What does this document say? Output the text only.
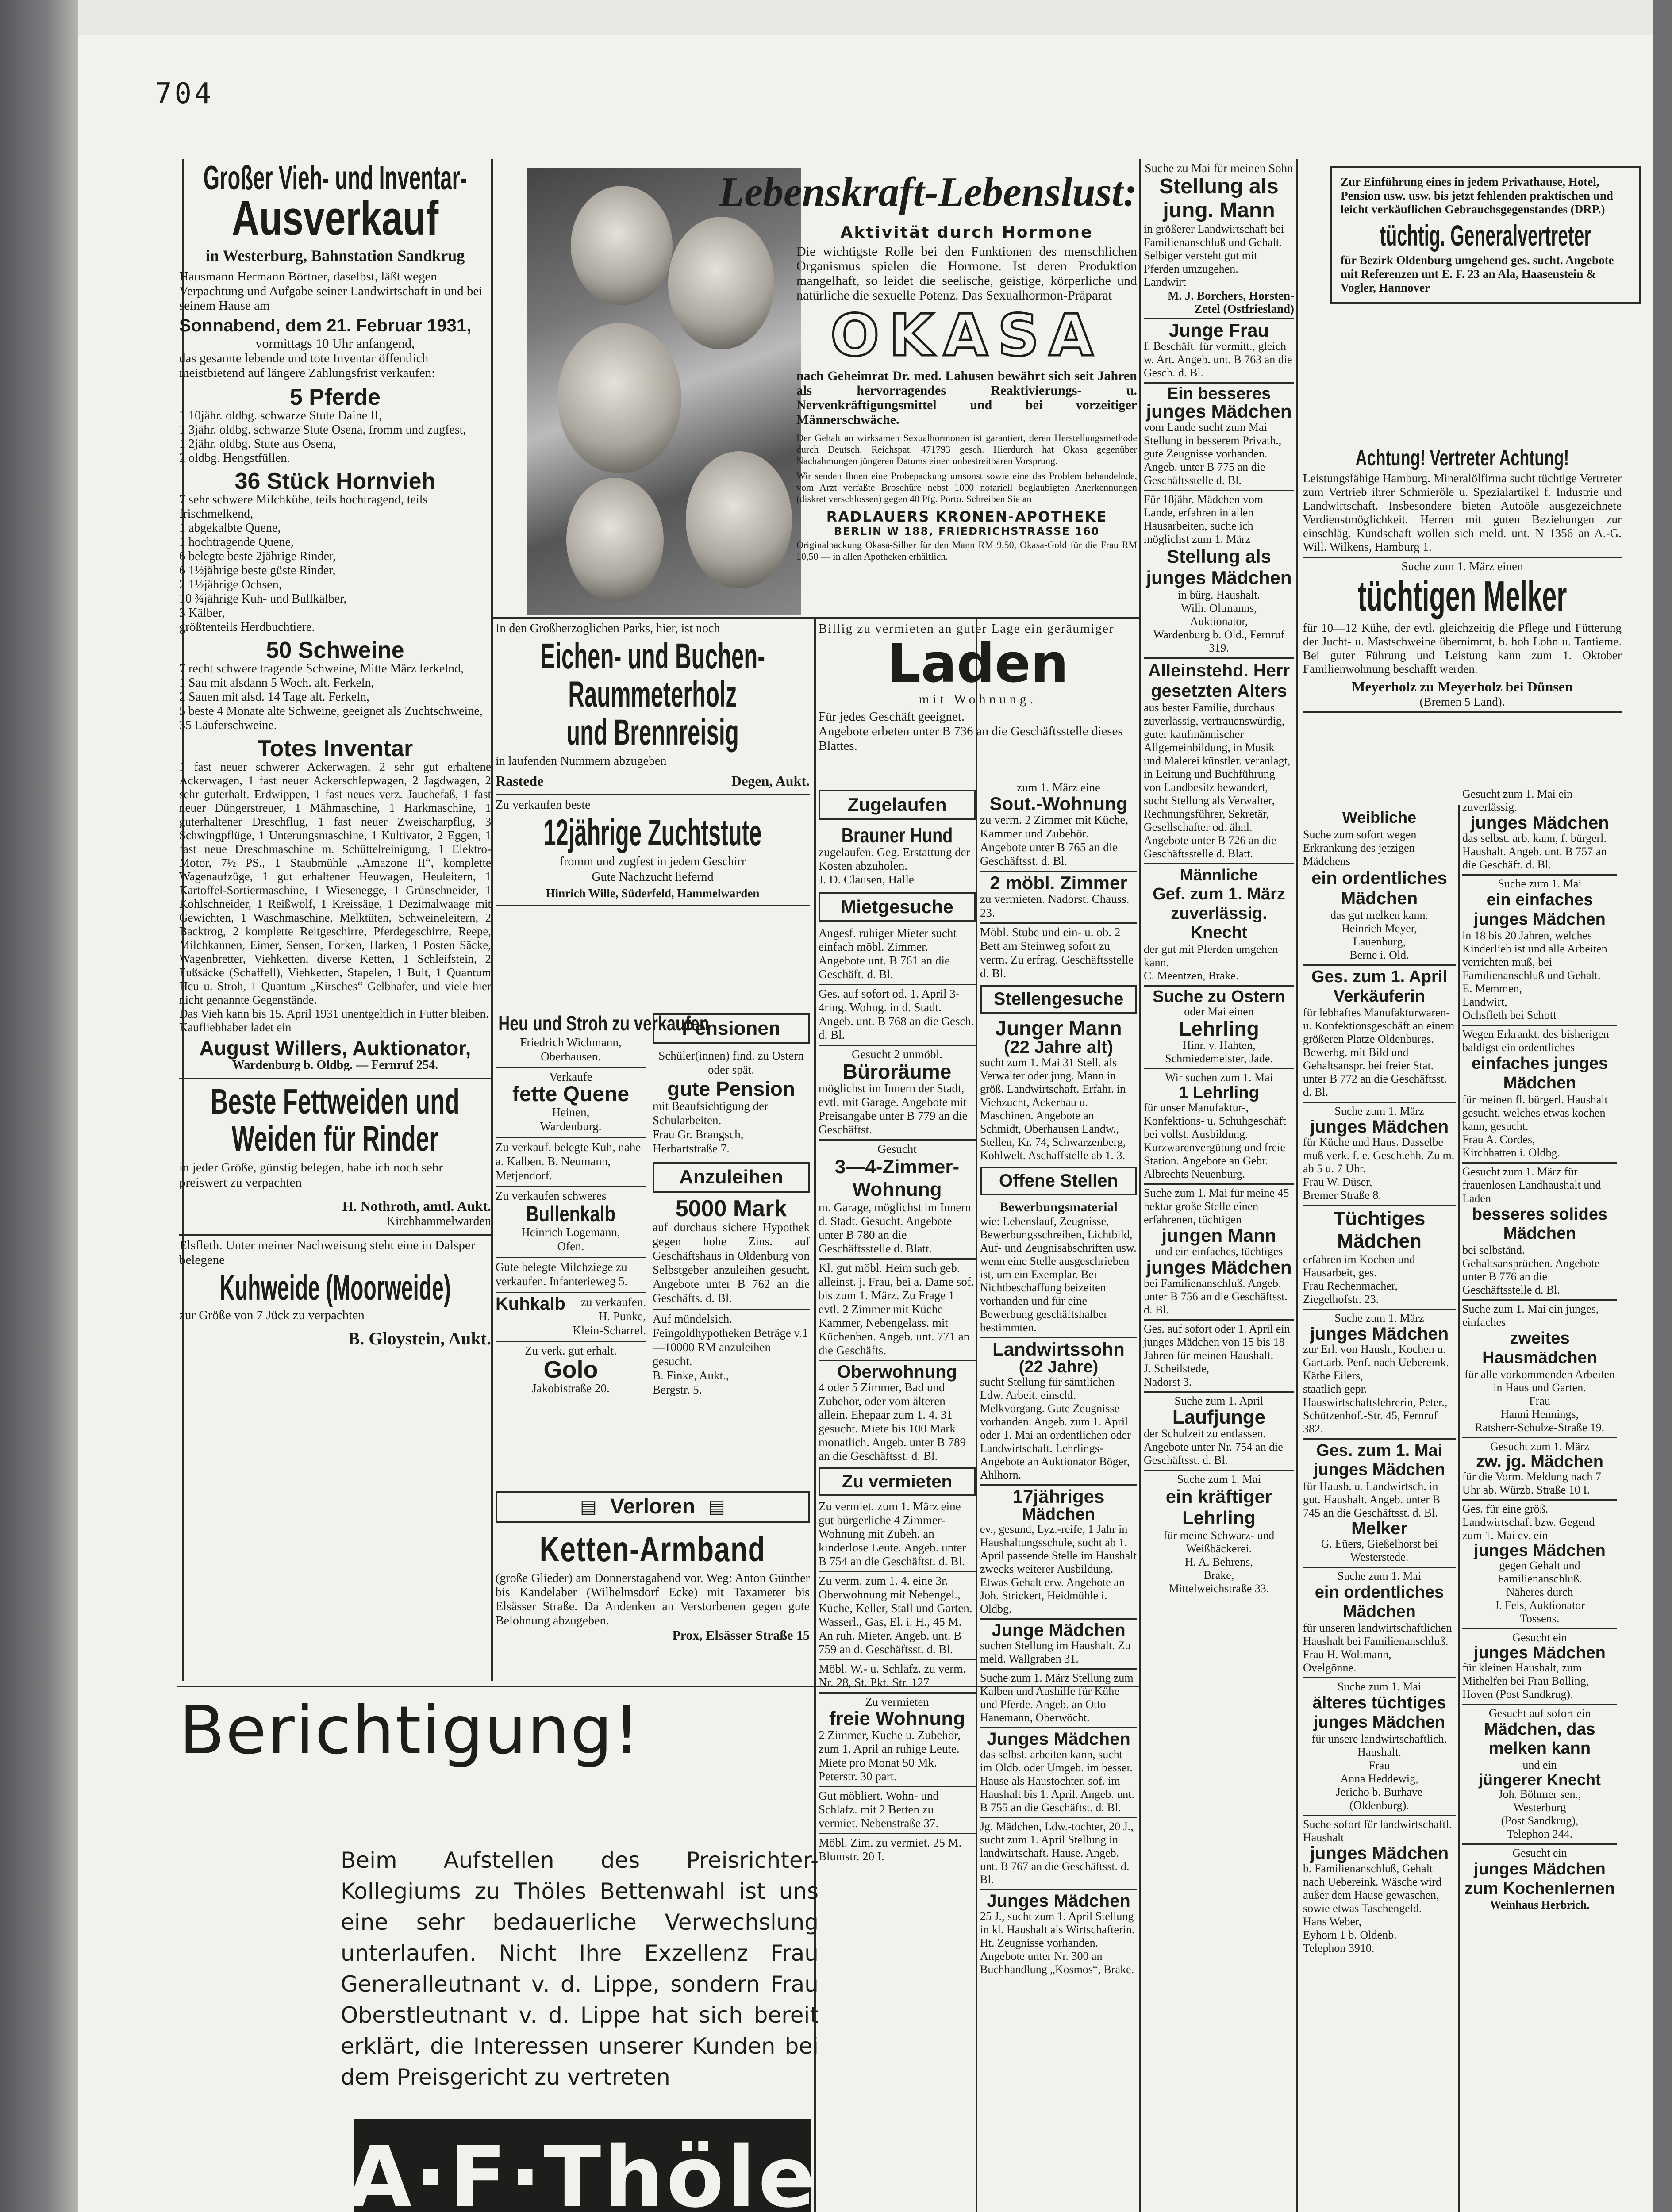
704
Großer Vieh- und Inventar-
Ausverkauf
in Westerburg, Bahnstation Sandkrug
Hausmann Hermann Börtner, daselbst, läßt wegen Verpachtung und Aufgabe seiner Landwirtschaft in und bei seinem Hause am
Sonnabend, dem 21. Februar 1931,
vormittags 10 Uhr anfangend,
das gesamte lebende und tote Inventar öffentlich meistbietend auf längere Zahlungsfrist verkaufen:
5 Pferde
1 10jähr. oldbg. schwarze Stute Daine II,
1 3jähr. oldbg. schwarze Stute Osena, fromm und zugfest,
1 2jähr. oldbg. Stute aus Osena,
2 oldbg. Hengstfüllen.
36 Stück Hornvieh
7 sehr schwere Milchkühe, teils hochtragend, teils frischmelkend,
1 abgekalbte Quene,
1 hochtragende Quene,
6 belegte beste 2jährige Rinder,
6 1½jährige beste güste Rinder,
2 1½jährige Ochsen,
10 ¾jährige Kuh- und Bullkälber,
3 Kälber,
größtenteils Herdbuchtiere.
50 Schweine
7 recht schwere tragende Schweine, Mitte März ferkelnd,
1 Sau mit alsdann 5 Woch. alt. Ferkeln,
2 Sauen mit alsd. 14 Tage alt. Ferkeln,
5 beste 4 Monate alte Schweine, geeignet als Zuchtschweine,
35 Läuferschweine.
Totes Inventar
1 fast neuer schwerer Ackerwagen, 2 sehr gut erhaltene Ackerwagen, 1 fast neuer Ackerschlepwagen, 2 Jagdwagen, 2 sehr guterhalt. Erdwippen, 1 fast neues verz. Jauchefaß, 1 fast neuer Düngerstreuer, 1 Mähmaschine, 1 Harkmaschine, 1 guterhaltener Dreschflug, 1 fast neuer Zweischarpflug, 3 Schwingpflüge, 1 Unterungsmaschine, 1 Kultivator, 2 Eggen, 1 fast neue Dreschmaschine m. Schüttelreinigung, 1 Elektro-Motor, 7½ PS., 1 Staubmühle „Amazone II“, komplette Wagenaufzüge, 1 gut erhaltener Heuwagen, Heuleitern, 1 Kartoffel-Sortiermaschine, 1 Wiesenegge, 1 Grünschneider, 1 Kohlschneider, 1 Reißwolf, 1 Kreissäge, 1 Dezimalwaage mit Gewichten, 1 Waschmaschine, Melktüten, Schweineleitern, 2 Backtrog, 2 komplette Reitgeschirre, Pferdegeschirre, Reepe, Milchkannen, Eimer, Sensen, Forken, Harken, 1 Posten Säcke, Wagenbretter, Viehketten, diverse Ketten, 1 Schleifstein, 2 Fußsäcke (Schaffell), Viehketten, Stapelen, 1 Bult, 1 Quantum Heu u. Stroh, 1 Quantum „Kirsches“ Gelbhafer, und viele hier nicht genannte Gegenstände.
Das Vieh kann bis 15. April 1931 unentgeltlich in Futter bleiben.
Kaufliebhaber ladet ein
August Willers, Auktionator,
Wardenburg b. Oldbg. — Fernruf 254.
Beste Fettweiden und
Weiden für Rinder
in jeder Größe, günstig belegen, habe ich noch sehr preiswert zu verpachten
H. Nothroth, amtl. Aukt.
Kirchhammelwarden
Elsfleth. Unter meiner Nachweisung steht eine in Dalsper belegene
Kuhweide (Moorweide)
zur Größe von 7 Jück zu verpachten
B. Gloystein, Aukt.
Lebenskraft-Lebenslust:
Aktivität durch Hormone
Die wichtigste Rolle bei den Funktionen des menschlichen Organismus spielen die Hormone. Ist deren Produktion mangelhaft, so leidet die seelische, geistige, körperliche und natürliche die sexuelle Potenz. Das Sexualhormon-Präparat
OKASA
nach Geheimrat Dr. med. Lahusen bewährt sich seit Jahren als hervorragendes Reaktivierungs- u. Nervenkräftigungsmittel und bei vorzeitiger Männerschwäche.
Der Gehalt an wirksamen Sexualhormonen ist garantiert, deren Herstellungsmethode durch Deutsch. Reichspat. 471793 gesch. Hierdurch hat Okasa gegenüber Nachahmungen jüngeren Datums einen unbestreitbaren Vorsprung.
Wir senden Ihnen eine Probepackung umsonst sowie eine das Problem behandelnde, vom Arzt verfaßte Broschüre nebst 1000 notariell beglaubigten Anerkennungen (diskret verschlossen) gegen 40 Pfg. Porto. Schreiben Sie an
RADLAUERS KRONEN-APOTHEKE
BERLIN W 188, FRIEDRICHSTRASSE 160
Originalpackung Okasa-Silber für den Mann RM 9,50, Okasa-Gold für die Frau RM 10,50 — in allen Apotheken erhältlich.
In den Großherzoglichen Parks, hier, ist noch
Eichen- und Buchen-
Raummeterholz
und Brennreisig
in laufenden Nummern abzugeben
Rastede	Degen, Aukt.
Zu verkaufen beste
12jährige Zuchtstute
fromm und zugfest in jedem Geschirr
Gute Nachzucht liefernd
Hinrich Wille, Süderfeld, Hammelwarden
Heu und Stroh zu verkaufen
Friedrich Wichmann,
Oberhausen.
Verkaufe
fette Quene
Heinen,
Wardenburg.
Zu verkauf. belegte Kuh, nahe a. Kalben. B. Neumann, Metjendorf.
Zu verkaufen schweres
Bullenkalb
Heinrich Logemann,
Ofen.
Gute belegte Milchziege zu verkaufen. Infanterieweg 5.
Kuhkalb	zu verkaufen.
H. Punke,
Klein-Scharrel.
Zu verk. gut erhalt.
Golo
Jakobistraße 20.
Pensionen
Schüler(innen) find. zu Ostern oder spät.
gute Pension
mit Beaufsichtigung der Schularbeiten.
Frau Gr. Brangsch,
Herbartstraße 7.
Anzuleihen
5000 Mark
auf durchaus sichere Hypothek gegen hohe Zins. auf Geschäftshaus in Oldenburg von Selbstgeber anzuleihen gesucht. Angebote unter B 762 an die Geschäfts. d. Bl.
Auf mündelsich. Feingoldhypotheken Beträge v.1—10000 RM anzuleihen gesucht.
B. Finke, Aukt.,
Bergstr. 5.
▤ Verloren ▤
Ketten-Armband
(große Glieder) am Donnerstagabend vor. Weg: Anton Günther bis Kandelaber (Wilhelmsdorf Ecke) mit Taxameter bis Elsässer Straße. Da Andenken an Verstorbenen gegen gute Belohnung abzugeben.
Prox, Elsässer Straße 15
Billig zu vermieten an guter Lage ein geräumiger
Laden
mit Wohnung.
Für jedes Geschäft geeignet.
Angebote erbeten unter B 736 an die Geschäftsstelle dieses Blattes.
Zugelaufen
Brauner Hund
zugelaufen. Geg. Erstattung der Kosten abzuholen.
J. D. Clausen, Halle
Mietgesuche
Angesf. ruhiger Mieter sucht einfach möbl. Zimmer. Angebote unt. B 761 an die Geschäft. d. Bl.
Ges. auf sofort od. 1. April 3-4ring. Wohng. in d. Stadt. Angeb. unt. B 768 an die Gesch. d. Bl.
Gesucht 2 unmöbl.
Büroräume
möglichst im Innern der Stadt, evtl. mit Garage. Angebote mit Preisangabe unter B 779 an die Geschäftst.
Gesucht
3—4-Zimmer-Wohnung
m. Garage, möglichst im Innern d. Stadt. Gesucht. Angebote unter B 780 an die Geschäftsstelle d. Blatt.
Kl. gut möbl. Heim such geb. alleinst. j. Frau, bei a. Dame sof. bis zum 1. März. Zu Frage 1 evtl. 2 Zimmer mit Küche Kammer, Nebengelass. mit Küchenben. Angeb. unt. 771 an die Geschäfts.
Oberwohnung
4 oder 5 Zimmer, Bad und Zubehör, oder vom älteren allein. Ehepaar zum 1. 4. 31 gesucht. Miete bis 100 Mark monatlich. Angeb. unter B 789 an die Geschäftsst. d. Bl.
Zu vermieten
Zu vermiet. zum 1. März eine gut bürgerliche 4 Zimmer-Wohnung mit Zubeh. an kinderlose Leute. Angeb. unter B 754 an die Geschäftst. d. Bl.
Zu verm. zum 1. 4. eine 3r. Oberwohnung mit Nebengel., Küche, Keller, Stall und Garten. Wasserl., Gas, El. i. H., 45 M. An ruh. Mieter. Angeb. unt. B 759 an d. Geschäftsst. d. Bl.
Möbl. W.- u. Schlafz. zu verm. Nr. 28, St. Pkt. Str. 127
Zu vermieten
freie Wohnung
2 Zimmer, Küche u. Zubehör, zum 1. April an ruhige Leute. Miete pro Monat 50 Mk. Peterstr. 30 part.
Gut möbliert. Wohn- und Schlafz. mit 2 Betten zu vermiet. Nebenstraße 37.
Möbl. Zim. zu vermiet. 25 M. Blumstr. 20 I.
zum 1. März eine
Sout.-Wohnung
zu verm. 2 Zimmer mit Küche, Kammer und Zubehör. Angebote unter B 765 an die Geschäftsst. d. Bl.
2 möbl. Zimmer
zu vermieten. Nadorst. Chauss. 23.
Möbl. Stube und ein- u. ob. 2 Bett am Steinweg sofort zu verm. Zu erfrag. Geschäftsstelle d. Bl.
Stellengesuche
Junger Mann
(22 Jahre alt)
sucht zum 1. Mai 31 Stell. als Verwalter oder jung. Mann in größ. Landwirtschaft. Erfahr. in Viehzucht, Ackerbau u. Maschinen. Angebote an Schmidt, Oberhausen Landw., Stellen, Kr. 74, Schwarzenberg, Kohlwelt. Aschaffstelle ab 1. 3.
Offene Stellen
Bewerbungsmaterial
wie: Lebenslauf, Zeugnisse, Bewerbungsschreiben, Lichtbild, Auf- und Zeugnisabschriften usw. wenn eine Stelle ausgeschrieben ist, um ein Exemplar. Bei Nichtbeschaffung beizeiten vorhanden und für eine Bewerbung geschäftshalber bestimmten.
Landwirtssohn
(22 Jahre)
sucht Stellung für sämtlichen Ldw. Arbeit. einschl. Melkvorgang. Gute Zeugnisse vorhanden. Angeb. zum 1. April oder 1. Mai an ordentlichen oder Landwirtschaft. Lehrlings-Angebote an Auktionator Böger, Ahlhorn.
17jähriges
Mädchen
ev., gesund, Lyz.-reife, 1 Jahr in Haushaltungsschule, sucht ab 1. April passende Stelle im Haushalt zwecks weiterer Ausbildung. Etwas Gehalt erw. Angebote an Joh. Strickert, Heidmühle i. Oldbg.
Junge Mädchen
suchen Stellung im Haushalt. Zu meld. Wallgraben 31.
Suche zum 1. März Stellung zum Kalben und Aushilfe für Kühe und Pferde. Angeb. an Otto Hanemann, Oberwöcht.
Junges Mädchen
das selbst. arbeiten kann, sucht im Oldb. oder Umgeb. im besser. Hause als Haustochter, sof. im Haushalt bis 1. April. Angeb. unt. B 755 an die Geschäftst. d. Bl.
Jg. Mädchen, Ldw.-tochter, 20 J., sucht zum 1. April Stellung in landwirtschaft. Hause. Angeb. unt. B 767 an die Geschäftsst. d. Bl.
Junges Mädchen
25 J., sucht zum 1. April Stellung in kl. Haushalt als Wirtschafterin. Ht. Zeugnisse vorhanden. Angebote unter Nr. 300 an Buchhandlung „Kosmos“, Brake.
Suche zu Mai für meinen Sohn
Stellung als jung. Mann
in größerer Landwirtschaft bei Familienanschluß und Gehalt. Selbiger versteht gut mit Pferden umzugehen.
Landwirt
M. J. Borchers, Horsten-Zetel (Ostfriesland)
Junge Frau
f. Beschäft. für vormitt., gleich w. Art. Angeb. unt. B 763 an die Gesch. d. Bl.
Ein besseres
junges Mädchen
vom Lande sucht zum Mai Stellung in besserem Privath., gute Zeugnisse vorhanden. Angeb. unter B 775 an die Geschäftsstelle d. Bl.
Für 18jähr. Mädchen vom Lande, erfahren in allen Hausarbeiten, suche ich möglichst zum 1. März
Stellung als junges Mädchen
in bürg. Haushalt.
Wilh. Oltmanns,
Auktionator,
Wardenburg b. Old., Fernruf 319.
Alleinstehd. Herr gesetzten Alters
aus bester Familie, durchaus zuverlässig, vertrauenswürdig, guter kaufmännischer Allgemeinbildung, in Musik und Malerei künstler. veranlagt, in Leitung und Buchführung von Landbesitz bewandert, sucht Stellung als Verwalter, Rechnungsführer, Sekretär, Gesellschafter od. ähnl. Angebote unter B 726 an die Geschäftsstelle d. Blatt.
Männliche
Gef. zum 1. März zuverlässig. Knecht
der gut mit Pferden umgehen kann.
C. Meentzen, Brake.
Suche zu Ostern
oder Mai einen
Lehrling
Hinr. v. Hahten, Schmiedemeister, Jade.
Wir suchen zum 1. Mai
1 Lehrling
für unser Manufaktur-, Konfektions- u. Schuhgeschäft bei vollst. Ausbildung. Kurzwarenvergütung und freie Station. Angebote an Gebr. Albrechts Neuenburg.
Suche zum 1. Mai für meine 45 hektar große Stelle einen erfahrenen, tüchtigen
jungen Mann
und ein einfaches, tüchtiges
junges Mädchen
bei Familienanschluß. Angeb. unter B 756 an die Geschäftsst. d. Bl.
Ges. auf sofort oder 1. April ein junges Mädchen von 15 bis 18 Jahren für meinen Haushalt.
J. Scheilstede,
Nadorst 3.
Suche zum 1. April
Laufjunge
der Schulzeit zu entlassen. Angebote unter Nr. 754 an die Geschäftsst. d. Bl.
Suche zum 1. Mai
ein kräftiger Lehrling
für meine Schwarz- und Weißbäckerei.
H. A. Behrens,
Brake,
Mittelweichstraße 33.
Zur Einführung eines in jedem Privathause, Hotel, Pension usw. usw. bis jetzt fehlenden praktischen und leicht verkäuflichen Gebrauchsgegenstandes (DRP.)
tüchtig. Generalvertreter
für Bezirk Oldenburg umgehend ges. sucht. Angebote mit Referenzen unt E. F. 23 an Ala, Haasenstein & Vogler, Hannover
Achtung! Vertreter Achtung!
Leistungsfähige Hamburg. Mineralölfirma sucht tüchtige Vertreter zum Vertrieb ihrer Schmieröle u. Spezialartikel f. Industrie und Landwirtschaft. Insbesondere bieten Autoöle ausgezeichnete Verdienstmöglichkeit. Herren mit guten Beziehungen zur einschläg. Kundschaft wollen sich meld. unt. N 1356 an A.-G. Will. Wilkens, Hamburg 1.
Suche zum 1. März einen
tüchtigen Melker
für 10—12 Kühe, der evtl. gleichzeitig die Pflege und Fütterung der Jucht- u. Mastschweine übernimmt, b. hoh Lohn u. Tantieme. Bei guter Führung und Leistung kann zum 1. Oktober Familienwohnung beschafft werden.
Meyerholz zu Meyerholz bei Dünsen
(Bremen 5 Land).
Weibliche
Suche zum sofort wegen Erkrankung des jetzigen Mädchens
ein ordentliches Mädchen
das gut melken kann.
Heinrich Meyer,
Lauenburg,
Berne i. Old.
Ges. zum 1. April Verkäuferin
für lebhaftes Manufakturwaren- u. Konfektionsgeschäft an einem größeren Platze Oldenburgs. Bewerbg. mit Bild und Gehaltsanspr. bei freier Stat. unter B 772 an die Geschäftsst. d. Bl.
Suche zum 1. März
junges Mädchen
für Küche und Haus. Dasselbe muß verk. f. e. Gesch.ehh. Zu m. ab 5 u. 7 Uhr.
Frau W. Düser,
Bremer Straße 8.
Tüchtiges Mädchen
erfahren im Kochen und Hausarbeit, ges.
Frau Rechenmacher,
Ziegelhofstr. 23.
Suche zum 1. März
junges Mädchen
zur Erl. von Haush., Kochen u. Gart.arb. Penf. nach Uebereink.
Käthe Eilers,
staatlich gepr. Hauswirtschaftslehrerin, Peter., Schützenhof.-Str. 45, Fernruf 382.
Ges. zum 1. Mai junges Mädchen
für Hausb. u. Landwirtsch. in gut. Haushalt. Angeb. unter B 745 an die Geschäftsst. d. Bl.
Melker
G. Eüers, Gießelhorst bei Westerstede.
Suche zum 1. Mai
ein ordentliches Mädchen
für unseren landwirtschaftlichen Haushalt bei Familienanschluß.
Frau H. Woltmann,
Ovelgönne.
Suche zum 1. Mai
älteres tüchtiges junges Mädchen
für unsere landwirtschaftlich. Haushalt.
Frau
Anna Heddewig,
Jericho b. Burhave
(Oldenburg).
Suche sofort für landwirtschaftl. Haushalt
junges Mädchen
b. Familienanschluß, Gehalt nach Uebereink. Wäsche wird außer dem Hause gewaschen, sowie etwas Taschengeld.
Hans Weber,
Eyhorn 1 b. Oldenb.
Telephon 3910.
Gesucht zum 1. Mai ein zuverlässig.
junges Mädchen
das selbst. arb. kann, f. bürgerl. Haushalt. Angeb. unt. B 757 an die Geschäft. d. Bl.
Suche zum 1. Mai
ein einfaches junges Mädchen
in 18 bis 20 Jahren, welches Kinderlieb ist und alle Arbeiten verrichten muß, bei Familienanschluß und Gehalt.
E. Memmen,
Landwirt,
Ochsfleth bei Schott
Wegen Erkrankt. des bisherigen baldigst ein ordentliches
einfaches junges Mädchen
für meinen fl. bürgerl. Haushalt gesucht, welches etwas kochen kann, gesucht.
Frau A. Cordes,
Kirchhatten i. Oldbg.
Gesucht zum 1. März für frauenlosen Landhaushalt und Laden
besseres solides Mädchen
bei selbständ. Gehaltsansprüchen. Angebote unter B 776 an die Geschäftsstelle d. Bl.
Suche zum 1. Mai ein junges, einfaches
zweites Hausmädchen
für alle vorkommenden Arbeiten in Haus und Garten.
Frau
Hanni Hennings,
Ratsherr-Schulze-Straße 19.
Gesucht zum 1. März
zw. jg. Mädchen
für die Vorm. Meldung nach 7 Uhr ab. Würzb. Straße 10 I.
Ges. für eine größ. Landwirtschaft bzw. Gegend zum 1. Mai ev. ein
junges Mädchen
gegen Gehalt und Familienanschluß.
Näheres durch
J. Fels, Auktionator
Tossens.
Gesucht ein
junges Mädchen
für kleinen Haushalt, zum Mithelfen bei Frau Bolling, Hoven (Post Sandkrug).
Gesucht auf sofort ein
Mädchen, das melken kann
und ein
jüngerer Knecht
Joh. Böhmer sen.,
Westerburg
(Post Sandkrug),
Telephon 244.
Gesucht ein
junges Mädchen zum Kochenlernen
Weinhaus Herbrich.
Berichtigung!
Beim Aufstellen des Preisrichter-Kollegiums zu Thöles Bettenwahl ist uns eine sehr bedauerliche Verwechslung unterlaufen. Nicht Ihre Exzellenz Frau Generalleutnant v. d. Lippe, sondern Frau Oberstleutnant v. d. Lippe hat sich bereit erklärt, die Interessen unserer Kunden bei dem Preisgericht zu vertreten
A·F·Thöle
